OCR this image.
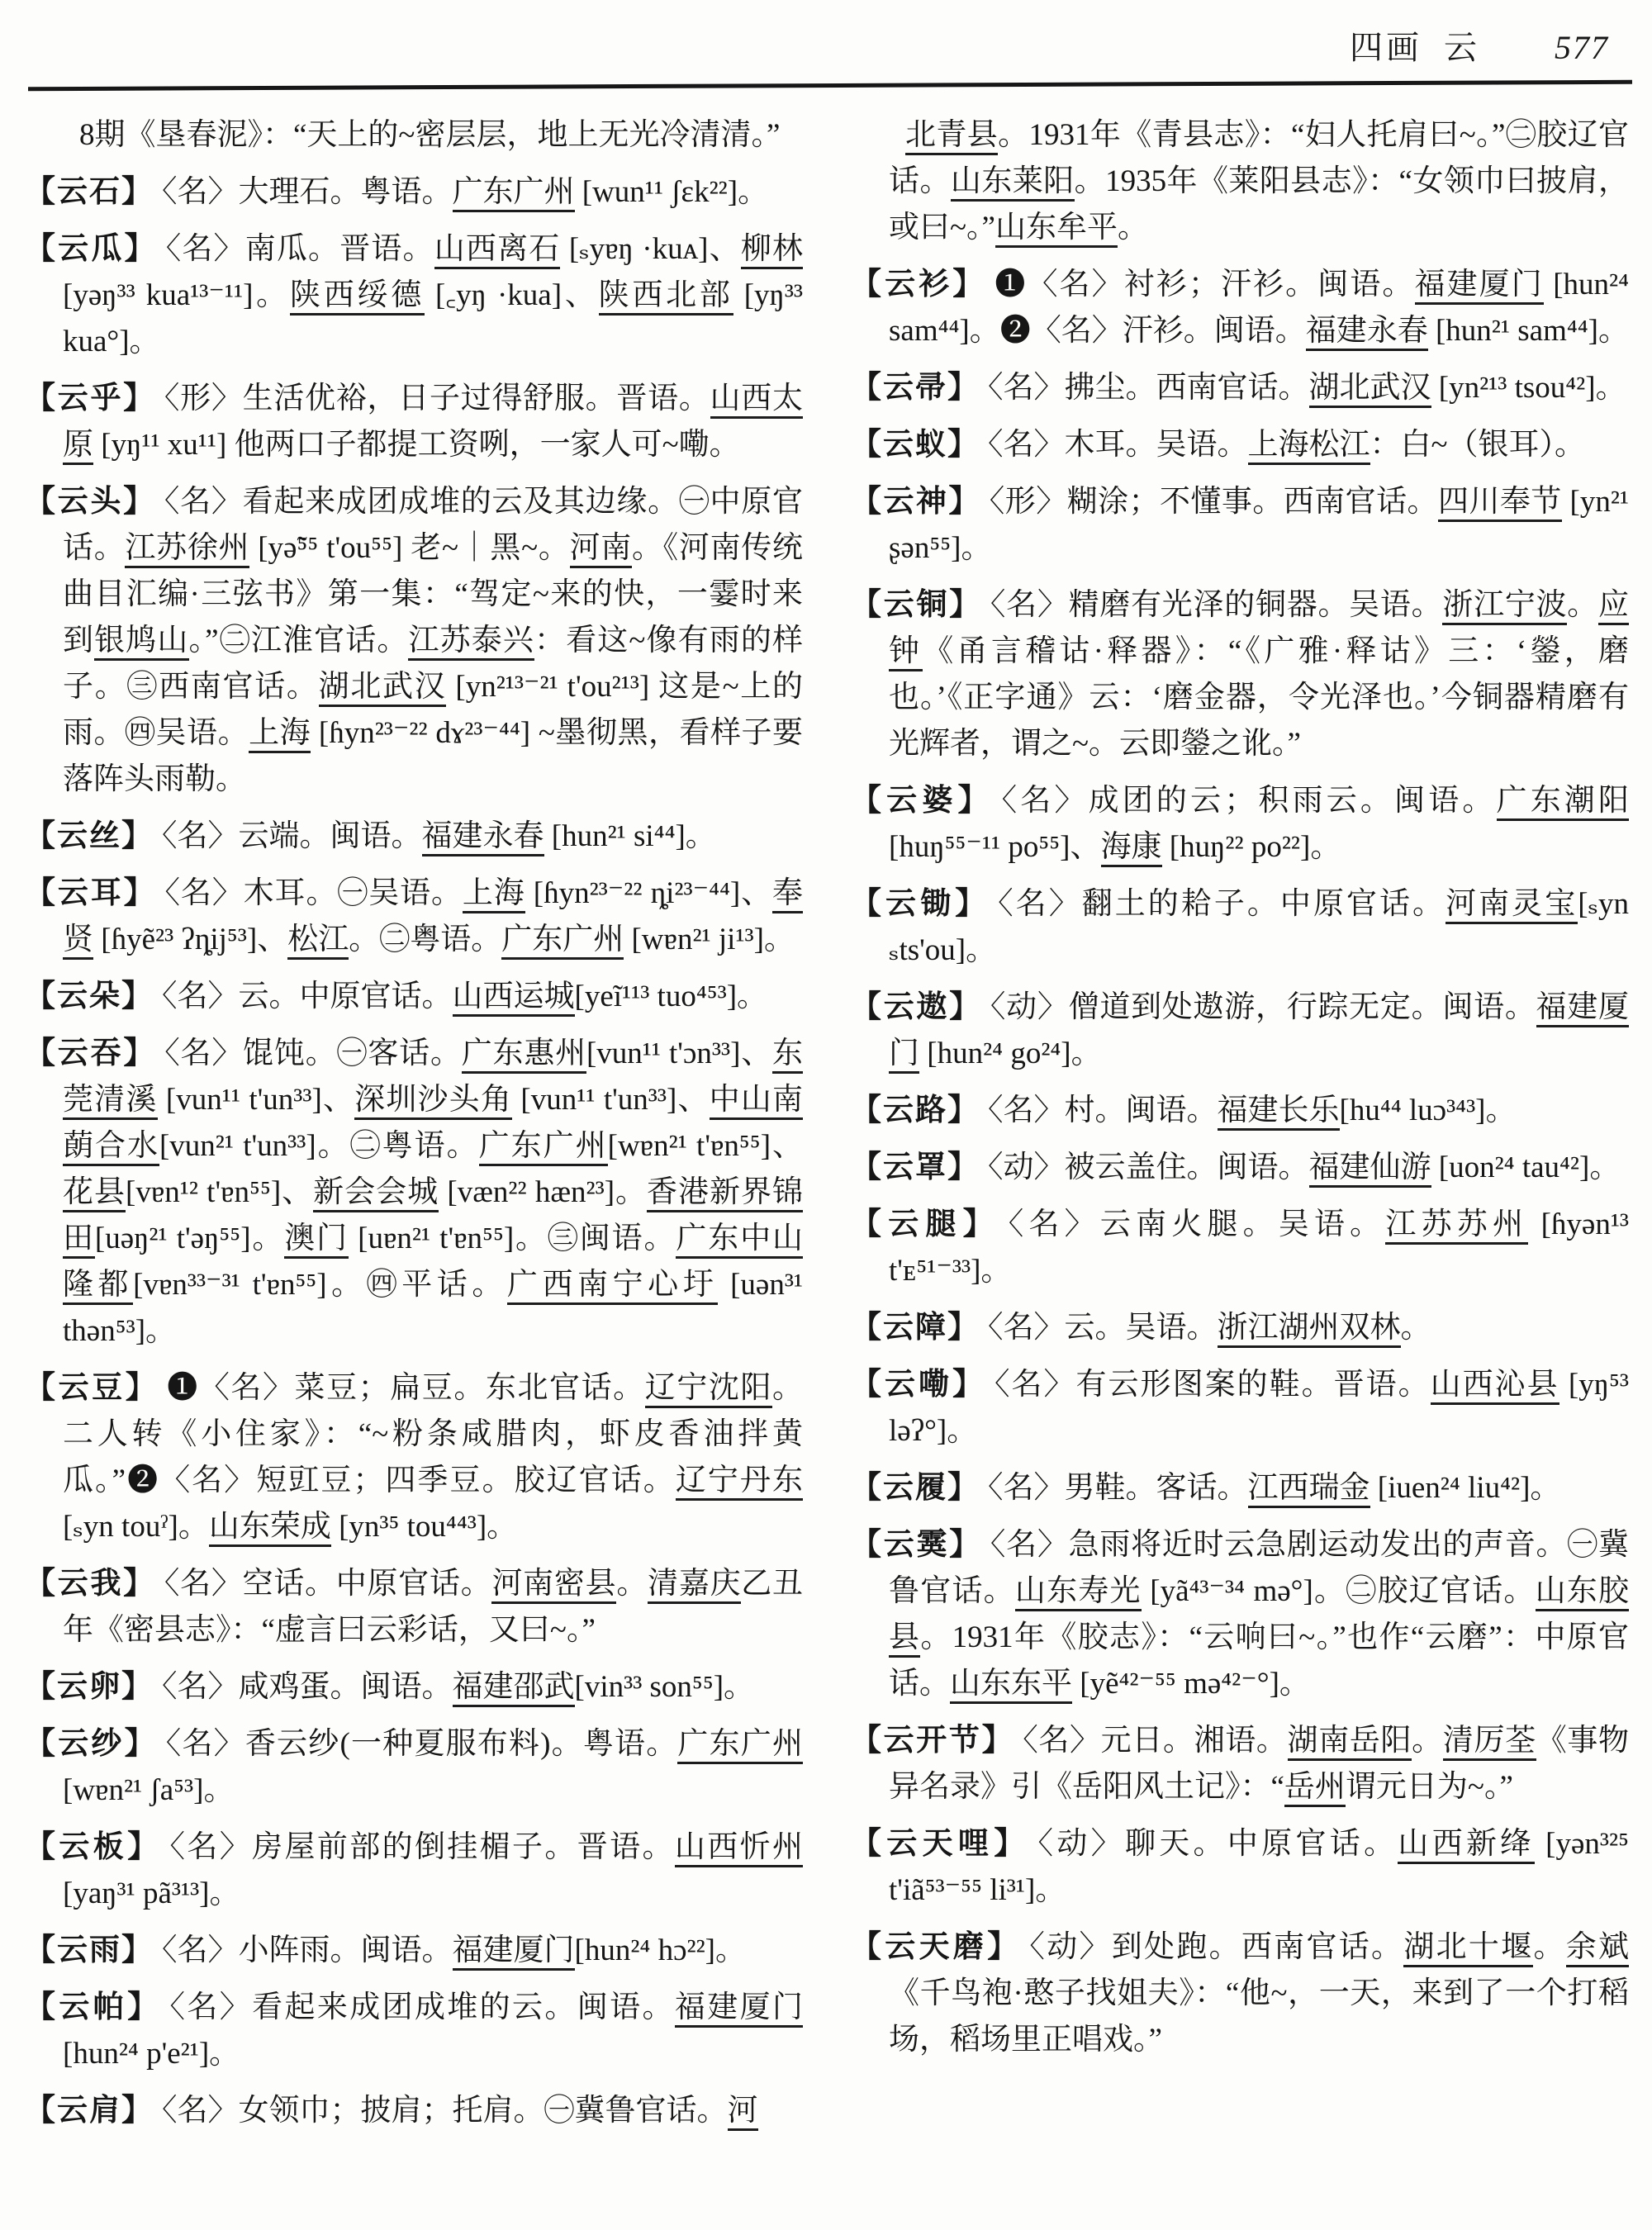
四画 云 577

8期《垦春泥》：“天上的~密层层，地上无光冷清清。”

【云石】 〈名〉大理石。粤语。广东广州 [wun¹¹ ʃɛk²²]。

【云瓜】 〈名〉南瓜。晋语。山西离石 [ₛyɐŋ ·kuᴀ]、柳林 [yəŋ³³ kua¹³⁻¹¹]。陕西绥德 [꜀yŋ ·kua]、陕西北部 [yŋ³³ kua°]。

【云乎】 〈形〉生活优裕，日子过得舒服。晋语。山西太原 [yŋ¹¹ xu¹¹] 他两口子都提工资咧，一家人可~嘞。

【云头】 〈名〉看起来成团成堆的云及其边缘。㊀中原官话。江苏徐州 [yə̃⁵⁵ t'ou⁵⁵] 老~｜黑~。河南。《河南传统曲目汇编·三弦书》第一集：“驾定~来的快，一霎时来到银鸠山。”㊁江淮官话。江苏泰兴：看这~像有雨的样子。㊂西南官话。湖北武汉 [yn²¹³⁻²¹ t'ou²¹³] 这是~上的雨。㊃吴语。上海 [ɦyn²³⁻²² dɤ²³⁻⁴⁴] ~墨彻黑，看样子要落阵头雨勒。

【云丝】 〈名〉云端。闽语。福建永春 [hun²¹ si⁴⁴]。

【云耳】 〈名〉木耳。㊀吴语。上海 [ɦyn²³⁻²² ȵi²³⁻⁴⁴]、奉贤 [ɦyẽ²³ ʔȵij⁵³]、松江。㊁粤语。广东广州 [wɐn²¹ ji¹³]。

【云朵】 〈名〉云。中原官话。山西运城[yeĩ¹¹³ tuo⁴⁵³]。

【云吞】 〈名〉馄饨。㊀客话。广东惠州[vun¹¹ t'ɔn³³]、东莞清溪 [vun¹¹ t'un³³]、深圳沙头角 [vun¹¹ t'un³³]、中山南蓢合水[vun²¹ t'un³³]。㊁粤语。广东广州[wɐn²¹ t'ɐn⁵⁵]、花县[vɐn¹² t'ɐn⁵⁵]、新会会城 [væn²² hæn²³]。香港新界锦田[uəŋ²¹ t'əŋ⁵⁵]。澳门 [uɐn²¹ t'ɐn⁵⁵]。㊂闽语。广东中山隆都[vɐn³³⁻³¹ t'ɐn⁵⁵]。㊃平话。广西南宁心圩 [uən³¹ thən⁵³]。

【云豆】 ❶〈名〉菜豆；扁豆。东北官话。辽宁沈阳。二人转《小住家》：“~粉条咸腊肉，虾皮香油拌黄瓜。”❷〈名〉短豇豆；四季豆。胶辽官话。辽宁丹东 [ₛyn touˀ]。山东荣成 [yn³⁵ tou⁴⁴³]。

【云我】 〈名〉空话。中原官话。河南密县。清嘉庆乙丑年《密县志》：“虚言曰云彩话，又曰~。”

【云卵】 〈名〉咸鸡蛋。闽语。福建邵武[vin³³ son⁵⁵]。

【云纱】 〈名〉香云纱(一种夏服布料)。粤语。广东广州 [wɐn²¹ ʃa⁵³]。

【云板】 〈名〉房屋前部的倒挂楣子。晋语。山西忻州 [yaŋ³¹ pã³¹³]。

【云雨】 〈名〉小阵雨。闽语。福建厦门[hun²⁴ hɔ²²]。

【云帕】 〈名〉看起来成团成堆的云。闽语。福建厦门 [hun²⁴ p'e²¹]。

【云肩】 〈名〉女领巾；披肩；托肩。㊀冀鲁官话。河

北青县。1931年《青县志》：“妇人托肩曰~。”㊁胶辽官话。山东莱阳。1935年《莱阳县志》：“女领巾曰披肩，或曰~。”山东牟平。

【云衫】 ❶〈名〉衬衫；汗衫。闽语。福建厦门 [hun²⁴ sam⁴⁴]。❷〈名〉汗衫。闽语。福建永春 [hun²¹ sam⁴⁴]。

【云帚】 〈名〉拂尘。西南官话。湖北武汉 [yn²¹³ tsou⁴²]。

【云蚁】 〈名〉木耳。吴语。上海松江：白~（银耳）。

【云神】 〈形〉糊涂；不懂事。西南官话。四川奉节 [yn²¹ ʂən⁵⁵]。

【云铜】 〈名〉精磨有光泽的铜器。吴语。浙江宁波。应钟《甬言稽诂·释器》：“《广雅·释诂》三：‘鎣，磨也。’《正字通》云：‘磨金器，令光泽也。’今铜器精磨有光辉者，谓之~。云即鎣之讹。”

【云婆】 〈名〉成团的云；积雨云。闽语。广东潮阳 [huŋ⁵⁵⁻¹¹ po⁵⁵]、海康 [huŋ²² po²²]。

【云锄】 〈名〉翻土的耠子。中原官话。河南灵宝[ₛyn ₛts'ou]。

【云遨】 〈动〉僧道到处遨游，行踪无定。闽语。福建厦门 [hun²⁴ go²⁴]。

【云路】 〈名〉村。闽语。福建长乐[hu⁴⁴ luɔ³⁴³]。

【云罩】 〈动〉被云盖住。闽语。福建仙游 [uon²⁴ tau⁴²]。

【云腿】 〈名〉云南火腿。吴语。江苏苏州 [ɦyən¹³ t'ᴇ⁵¹⁻³³]。

【云障】 〈名〉云。吴语。浙江湖州双林。

【云嘞】 〈名〉有云形图案的鞋。晋语。山西沁县 [yŋ⁵³ ləʔ°]。

【云履】 〈名〉男鞋。客话。江西瑞金 [iuen²⁴ liu⁴²]。

【云霙】 〈名〉急雨将近时云急剧运动发出的声音。㊀冀鲁官话。山东寿光 [yã⁴³⁻³⁴ mə°]。㊁胶辽官话。山东胶县。1931年《胶志》：“云响曰~。”也作“云磨”：中原官话。山东东平 [yẽ⁴²⁻⁵⁵ mə⁴²⁻°]。

【云开节】 〈名〉元日。湘语。湖南岳阳。清厉荃《事物异名录》引《岳阳风土记》：“岳州谓元日为~。”

【云天哩】 〈动〉聊天。中原官话。山西新绛 [yən³²⁵ t'iã⁵³⁻⁵⁵ li³¹]。

【云天磨】 〈动〉到处跑。西南官话。湖北十堰。余斌《千鸟袍·憨子找姐夫》：“他~，一天，来到了一个打稻场，稻场里正唱戏。”
